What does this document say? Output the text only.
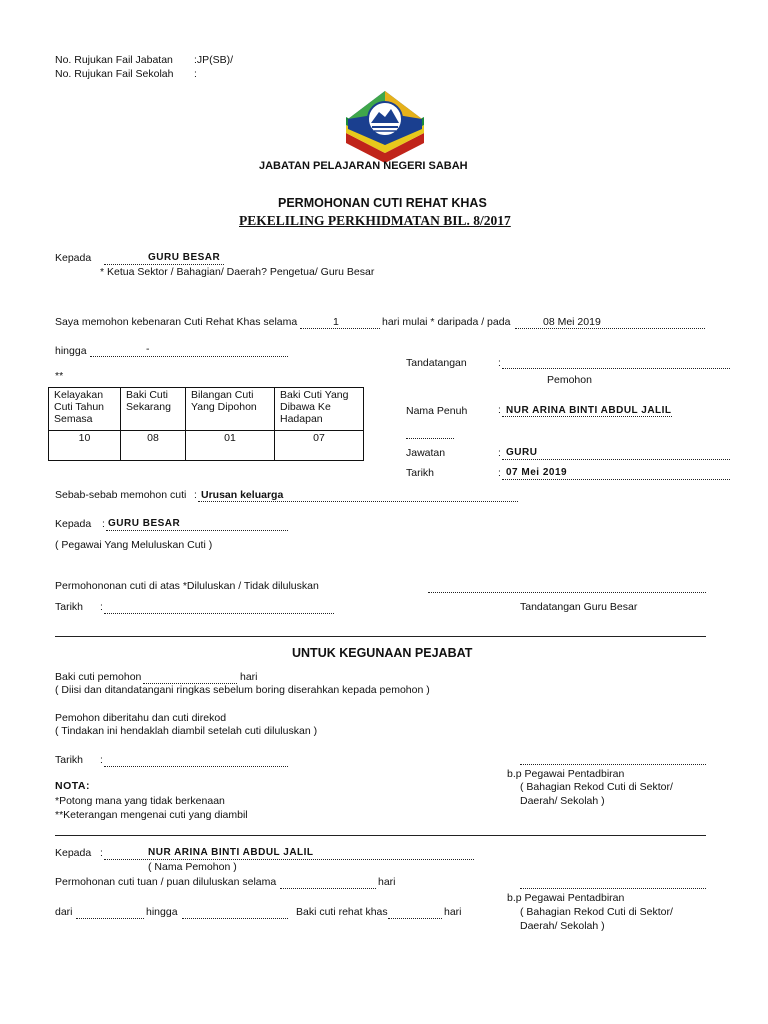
No. Rujukan Fail Jabatan :JP(SB)/
No. Rujukan Fail Sekolah :
JABATAN PELAJARAN NEGERI SABAH
PERMOHONAN CUTI REHAT KHAS
PEKELILING PERKHIDMATAN BIL. 8/2017
Kepada	GURU BESAR
* Ketua Sektor / Bahagian/ Daerah? Pengetua/ Guru Besar
Saya memohon kebenaran Cuti Rehat Khas selama	1	hari mulai * daripada / pada	08 Mei 2019
hingga	-
**
Kelayakan Cuti Tahun Semasa	Baki Cuti Sekarang	Bilangan Cuti Yang Dipohon	Baki Cuti Yang Dibawa Ke Hadapan
10	08	01	07
Tandatangan	:
Pemohon
Nama Penuh	: NUR ARINA BINTI ABDUL JALIL
Jawatan	: GURU
Tarikh	: 07 Mei 2019
Sebab-sebab memohon cuti : Urusan keluarga
Kepada : GURU BESAR
( Pegawai Yang Meluluskan Cuti )
Permohononan cuti di atas *Diluluskan / Tidak diluluskan
Tarikh :	Tandatangan Guru Besar
UNTUK KEGUNAAN PEJABAT
Baki cuti pemohon	hari
( Diisi dan ditandatangani ringkas sebelum boring diserahkan kepada pemohon )
Pemohon diberitahu dan cuti direkod
( Tindakan ini hendaklah diambil setelah cuti diluluskan )
Tarikh :
b.p Pegawai Pentadbiran
( Bahagian Rekod Cuti di Sektor/
Daerah/ Sekolah )
NOTA:
*Potong mana yang tidak berkenaan
**Keterangan mengenai cuti yang diambil
Kepada :	NUR ARINA BINTI ABDUL JALIL
( Nama Pemohon )
Permohonan cuti tuan / puan diluluskan selama	hari
b.p Pegawai Pentadbiran
dari	hingga	Baki cuti rehat khas	hari	( Bahagian Rekod Cuti di Sektor/
Daerah/ Sekolah )
